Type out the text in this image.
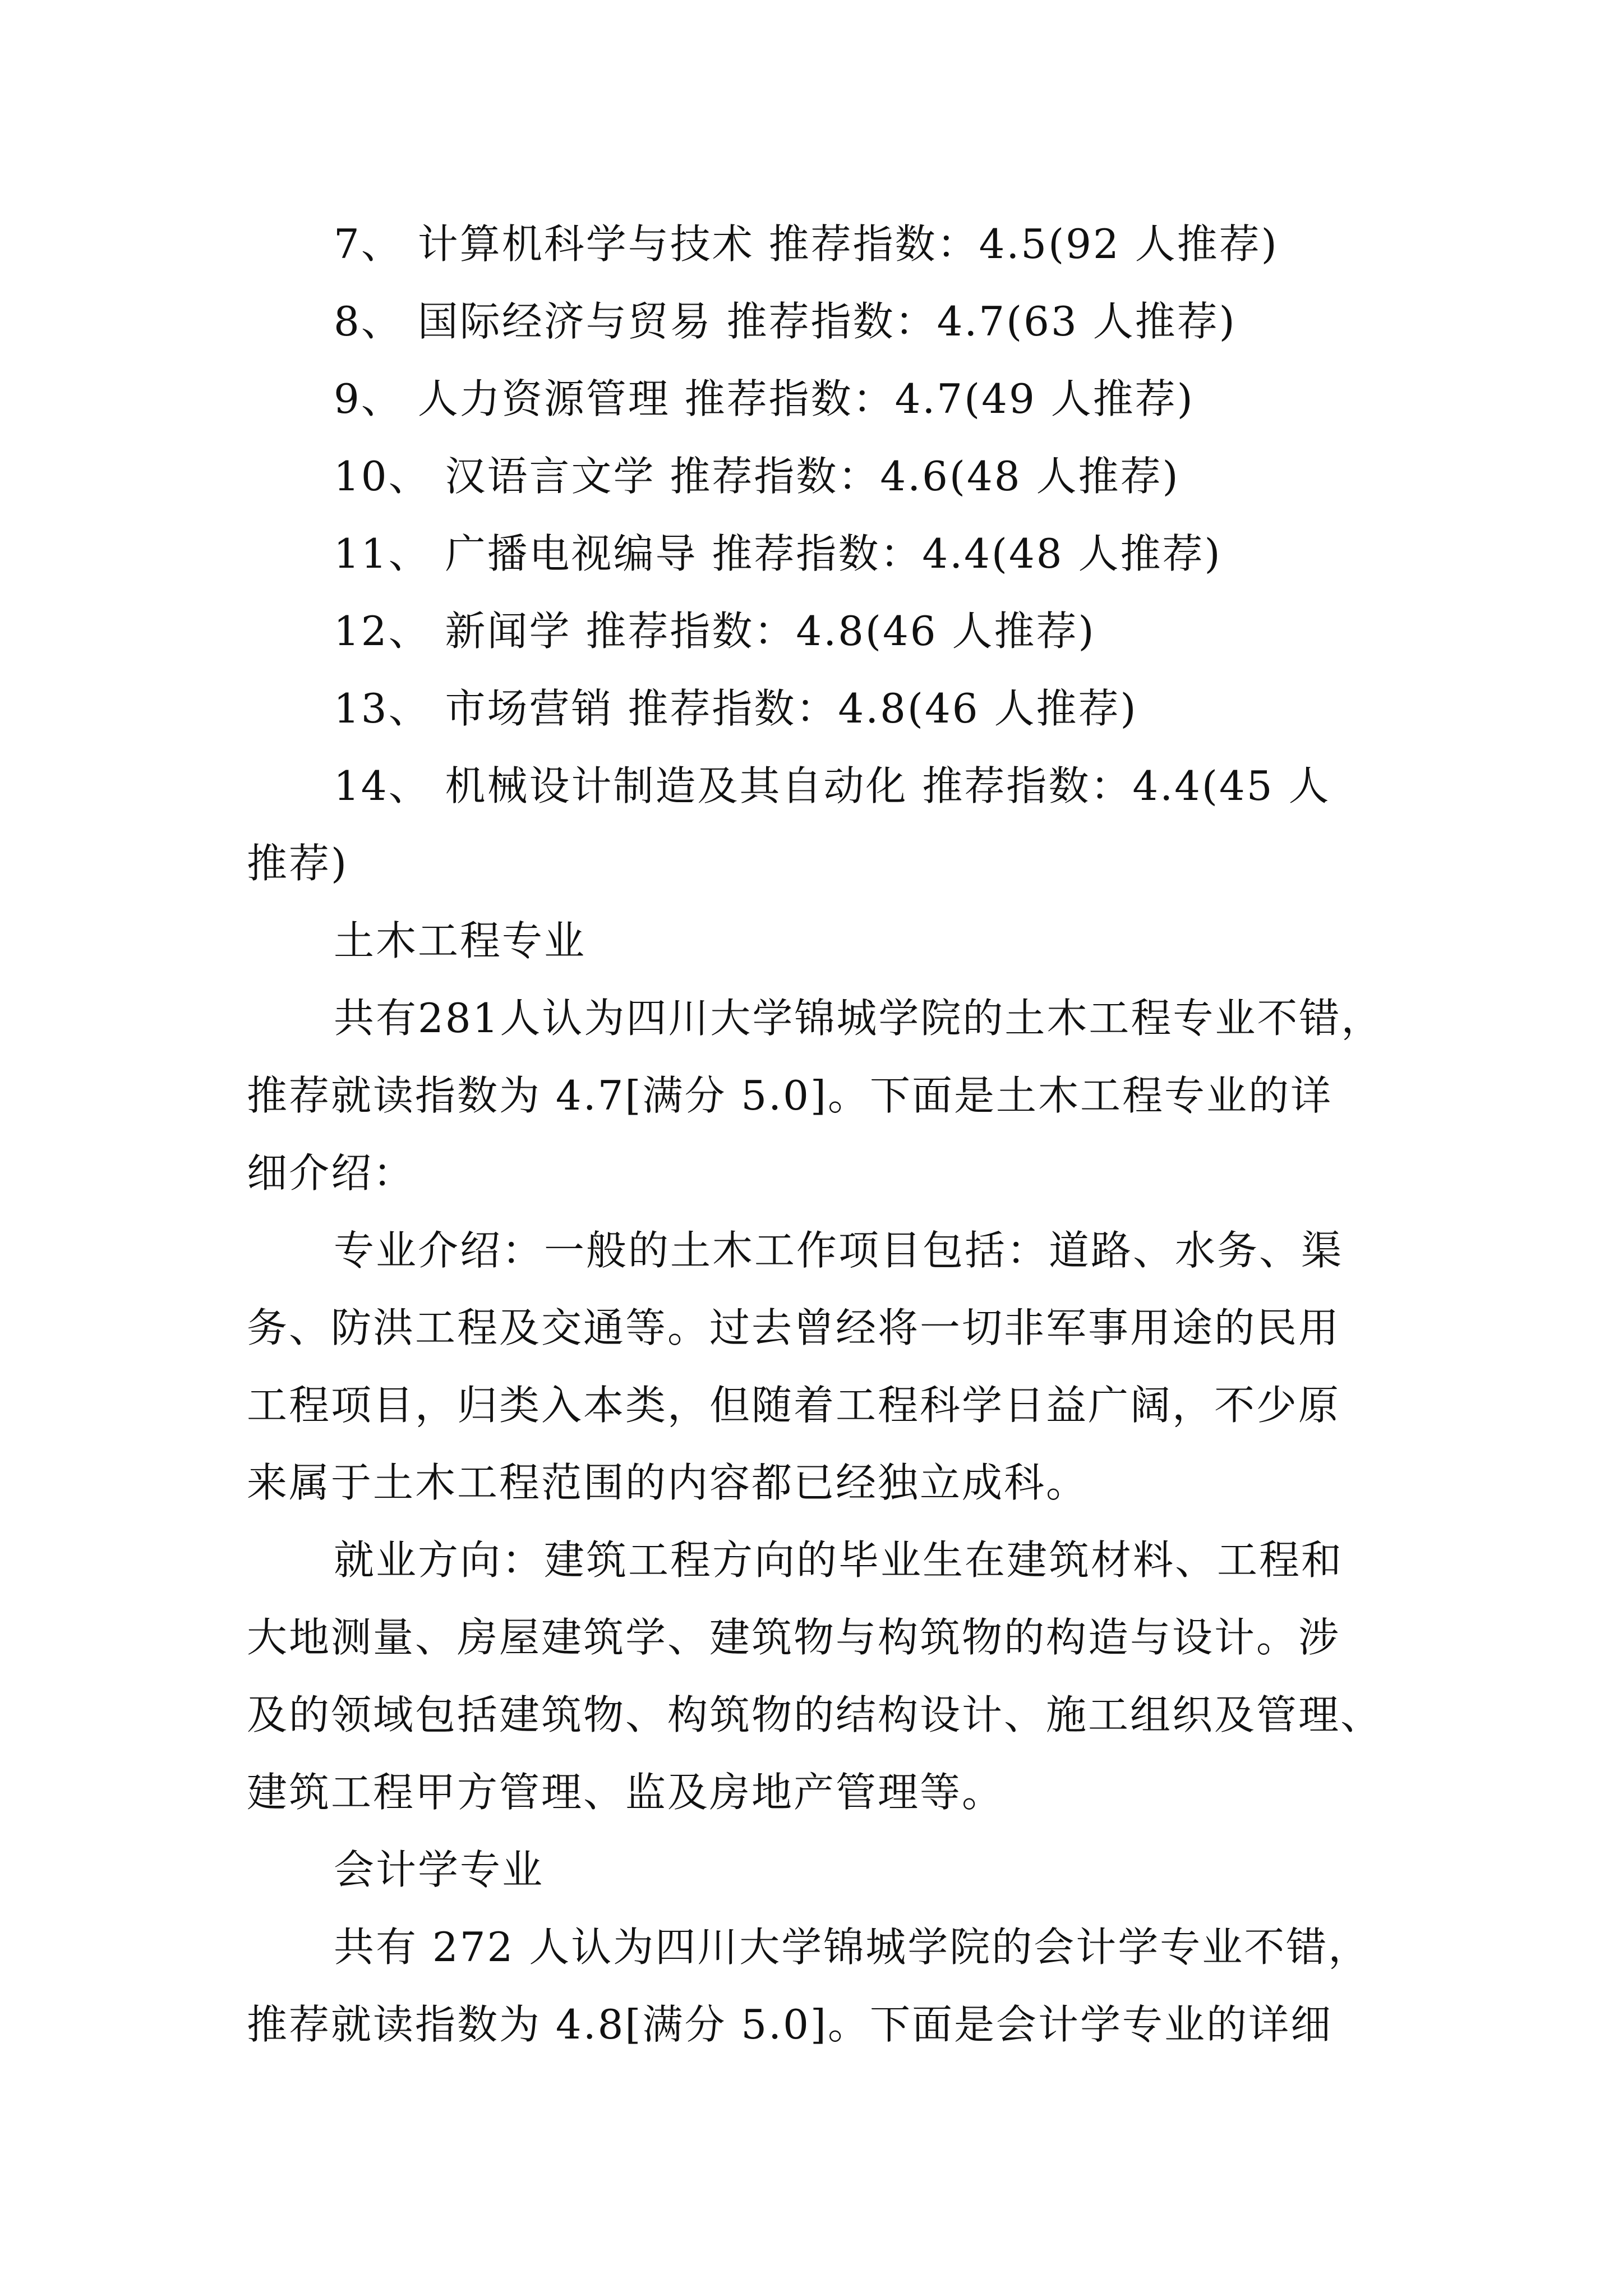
7、 计算机科学与技术 推荐指数：4.5(92 人推荐)

8、 国际经济与贸易 推荐指数：4.7(63 人推荐)

9、 人力资源管理 推荐指数：4.7(49 人推荐)

10、 汉语言文学 推荐指数：4.6(48 人推荐)

11、 广播电视编导 推荐指数：4.4(48 人推荐)

12、 新闻学 推荐指数：4.8(46 人推荐)

13、 市场营销 推荐指数：4.8(46 人推荐)

14、 机械设计制造及其自动化 推荐指数：4.4(45 人

推荐)

土木工程专业

共有281人认为四川大学锦城学院的土木工程专业不错，

推荐就读指数为 4.7[满分 5.0]。下面是土木工程专业的详

细介绍：

专业介绍：一般的土木工作项目包括：道路、水务、渠

务、防洪工程及交通等。过去曾经将一切非军事用途的民用

工程项目，归类入本类，但随着工程科学日益广阔，不少原

来属于土木工程范围的内容都已经独立成科。

就业方向：建筑工程方向的毕业生在建筑材料、工程和

大地测量、房屋建筑学、建筑物与构筑物的构造与设计。涉

及的领域包括建筑物、构筑物的结构设计、施工组织及管理、

建筑工程甲方管理、监及房地产管理等。

会计学专业

共有 272 人认为四川大学锦城学院的会计学专业不错，

推荐就读指数为 4.8[满分 5.0]。下面是会计学专业的详细
